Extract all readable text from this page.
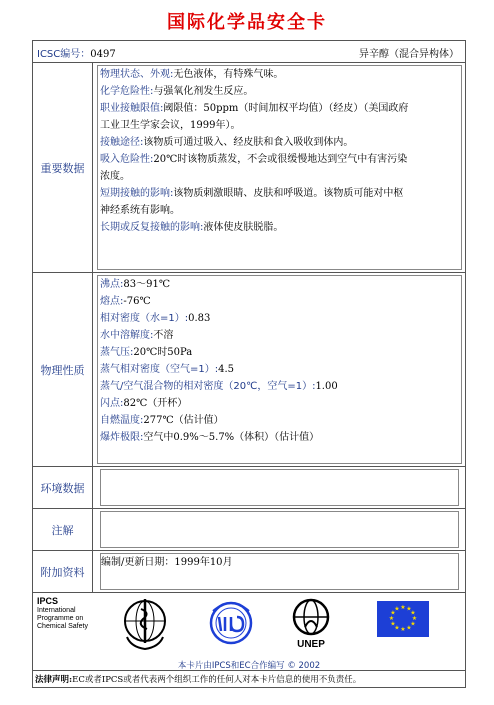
国际化学品安全卡
ICSC编号：0497	异辛醇（混合异构体）
重要数据
物理状态、外观:无色液体，有特殊气味。
化学危险性:与强氧化剂发生反应。
职业接触限值:阈限值：50ppm（时间加权平均值）（经皮）（美国政府
工业卫生学家会议，1999年）。
接触途径:该物质可通过吸入、经皮肤和食入吸收到体内。
吸入危险性:20℃时该物质蒸发，不会或很缓慢地达到空气中有害污染
浓度。
短期接触的影响:该物质刺激眼睛、皮肤和呼吸道。该物质可能对中枢
神经系统有影响。
长期或反复接触的影响:液体使皮肤脱脂。
物理性质
沸点:83～91℃
熔点:-76℃
相对密度（水=1）:0.83
水中溶解度:不溶
蒸气压:20℃时50Pa
蒸气相对密度（空气=1）:4.5
蒸气/空气混合物的相对密度（20℃，空气=1）:1.00
闪点:82℃（开杯）
自燃温度:277℃（估计值）
爆炸极限:空气中0.9%～5.7%（体积）（估计值）
环境数据
注解
附加资料
编制/更新日期：1999年10月
IPCS
International
Programme on
Chemical Safety
UNEP
★ ★
★
★
★
★
★
★
★
★
★
★
本卡片由IPCS和EC合作编写 © 2002
法律声明:EC或者IPCS或者代表两个组织工作的任何人对本卡片信息的使用不负责任。
